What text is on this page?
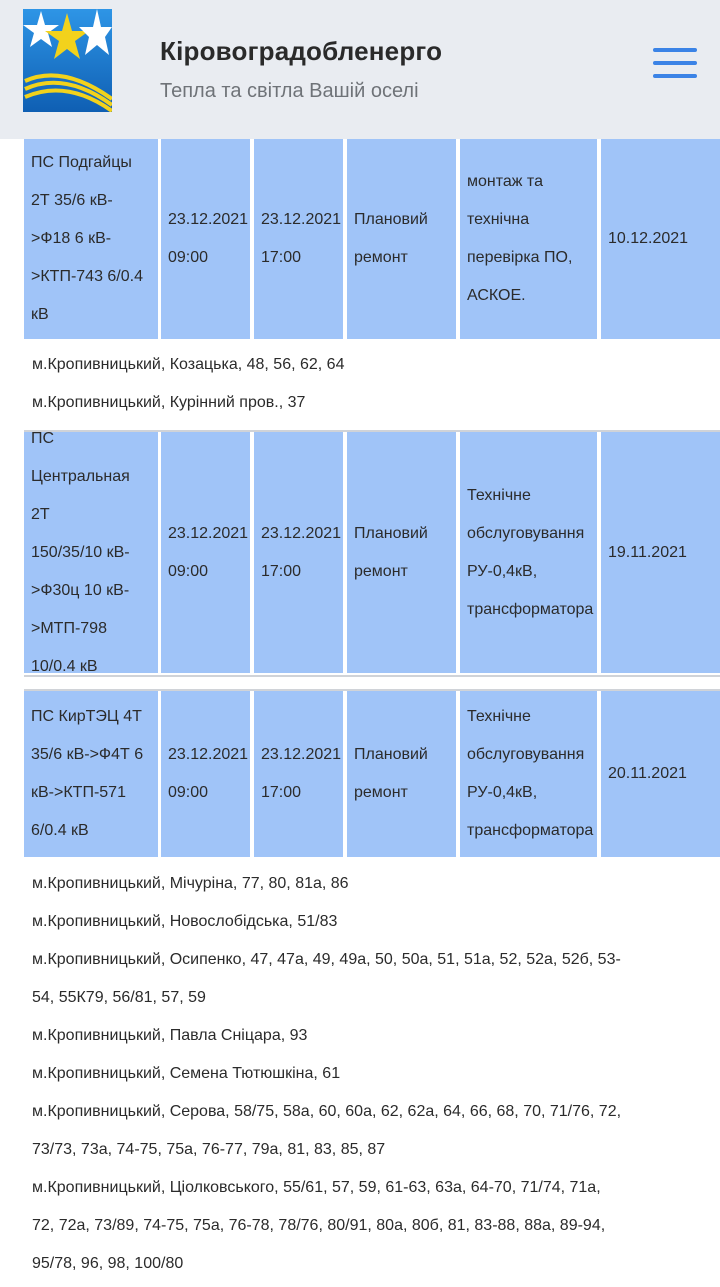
Кіровоградобленерго
Тепла та світла Вашій оселі
ПС Подгайцы
2Т 35/6 кВ-
>Ф18 6 кВ-
>КТП-743 6/0.4
кВ
23.12.2021
09:00
23.12.2021
17:00
Плановий
ремонт
монтаж та
технічна
перевірка ПО,
АСКОЕ.
10.12.2021
м.Кропивницький, Козацька, 48, 56, 62, 64
м.Кропивницький, Курінний пров., 37
ПС
Центральная 2Т
150/35/10 кВ-
>Ф30ц 10 кВ-
>МТП-798
10/0.4 кВ
23.12.2021
09:00
23.12.2021
17:00
Плановий
ремонт
Технічне
обслуговування
РУ-0,4кВ,
трансформатора
19.11.2021
ПС КирТЭЦ 4Т
35/6 кВ->Ф4Т 6
кВ->КТП-571
6/0.4 кВ
23.12.2021
09:00
23.12.2021
17:00
Плановий
ремонт
Технічне
обслуговування
РУ-0,4кВ,
трансформатора
20.11.2021
м.Кропивницький, Мічуріна, 77, 80, 81а, 86
м.Кропивницький, Новослобідська, 51/83
м.Кропивницький, Осипенко, 47, 47а, 49, 49а, 50, 50а, 51, 51а, 52, 52а, 52б, 53-
54, 55К79, 56/81, 57, 59
м.Кропивницький, Павла Сніцара, 93
м.Кропивницький, Семена Тютюшкіна, 61
м.Кропивницький, Серова, 58/75, 58а, 60, 60а, 62, 62а, 64, 66, 68, 70, 71/76, 72,
73/73, 73а, 74-75, 75а, 76-77, 79а, 81, 83, 85, 87
м.Кропивницький, Ціолковського, 55/61, 57, 59, 61-63, 63а, 64-70, 71/74, 71а,
72, 72а, 73/89, 74-75, 75а, 76-78, 78/76, 80/91, 80а, 80б, 81, 83-88, 88а, 89-94,
95/78, 96, 98, 100/80
